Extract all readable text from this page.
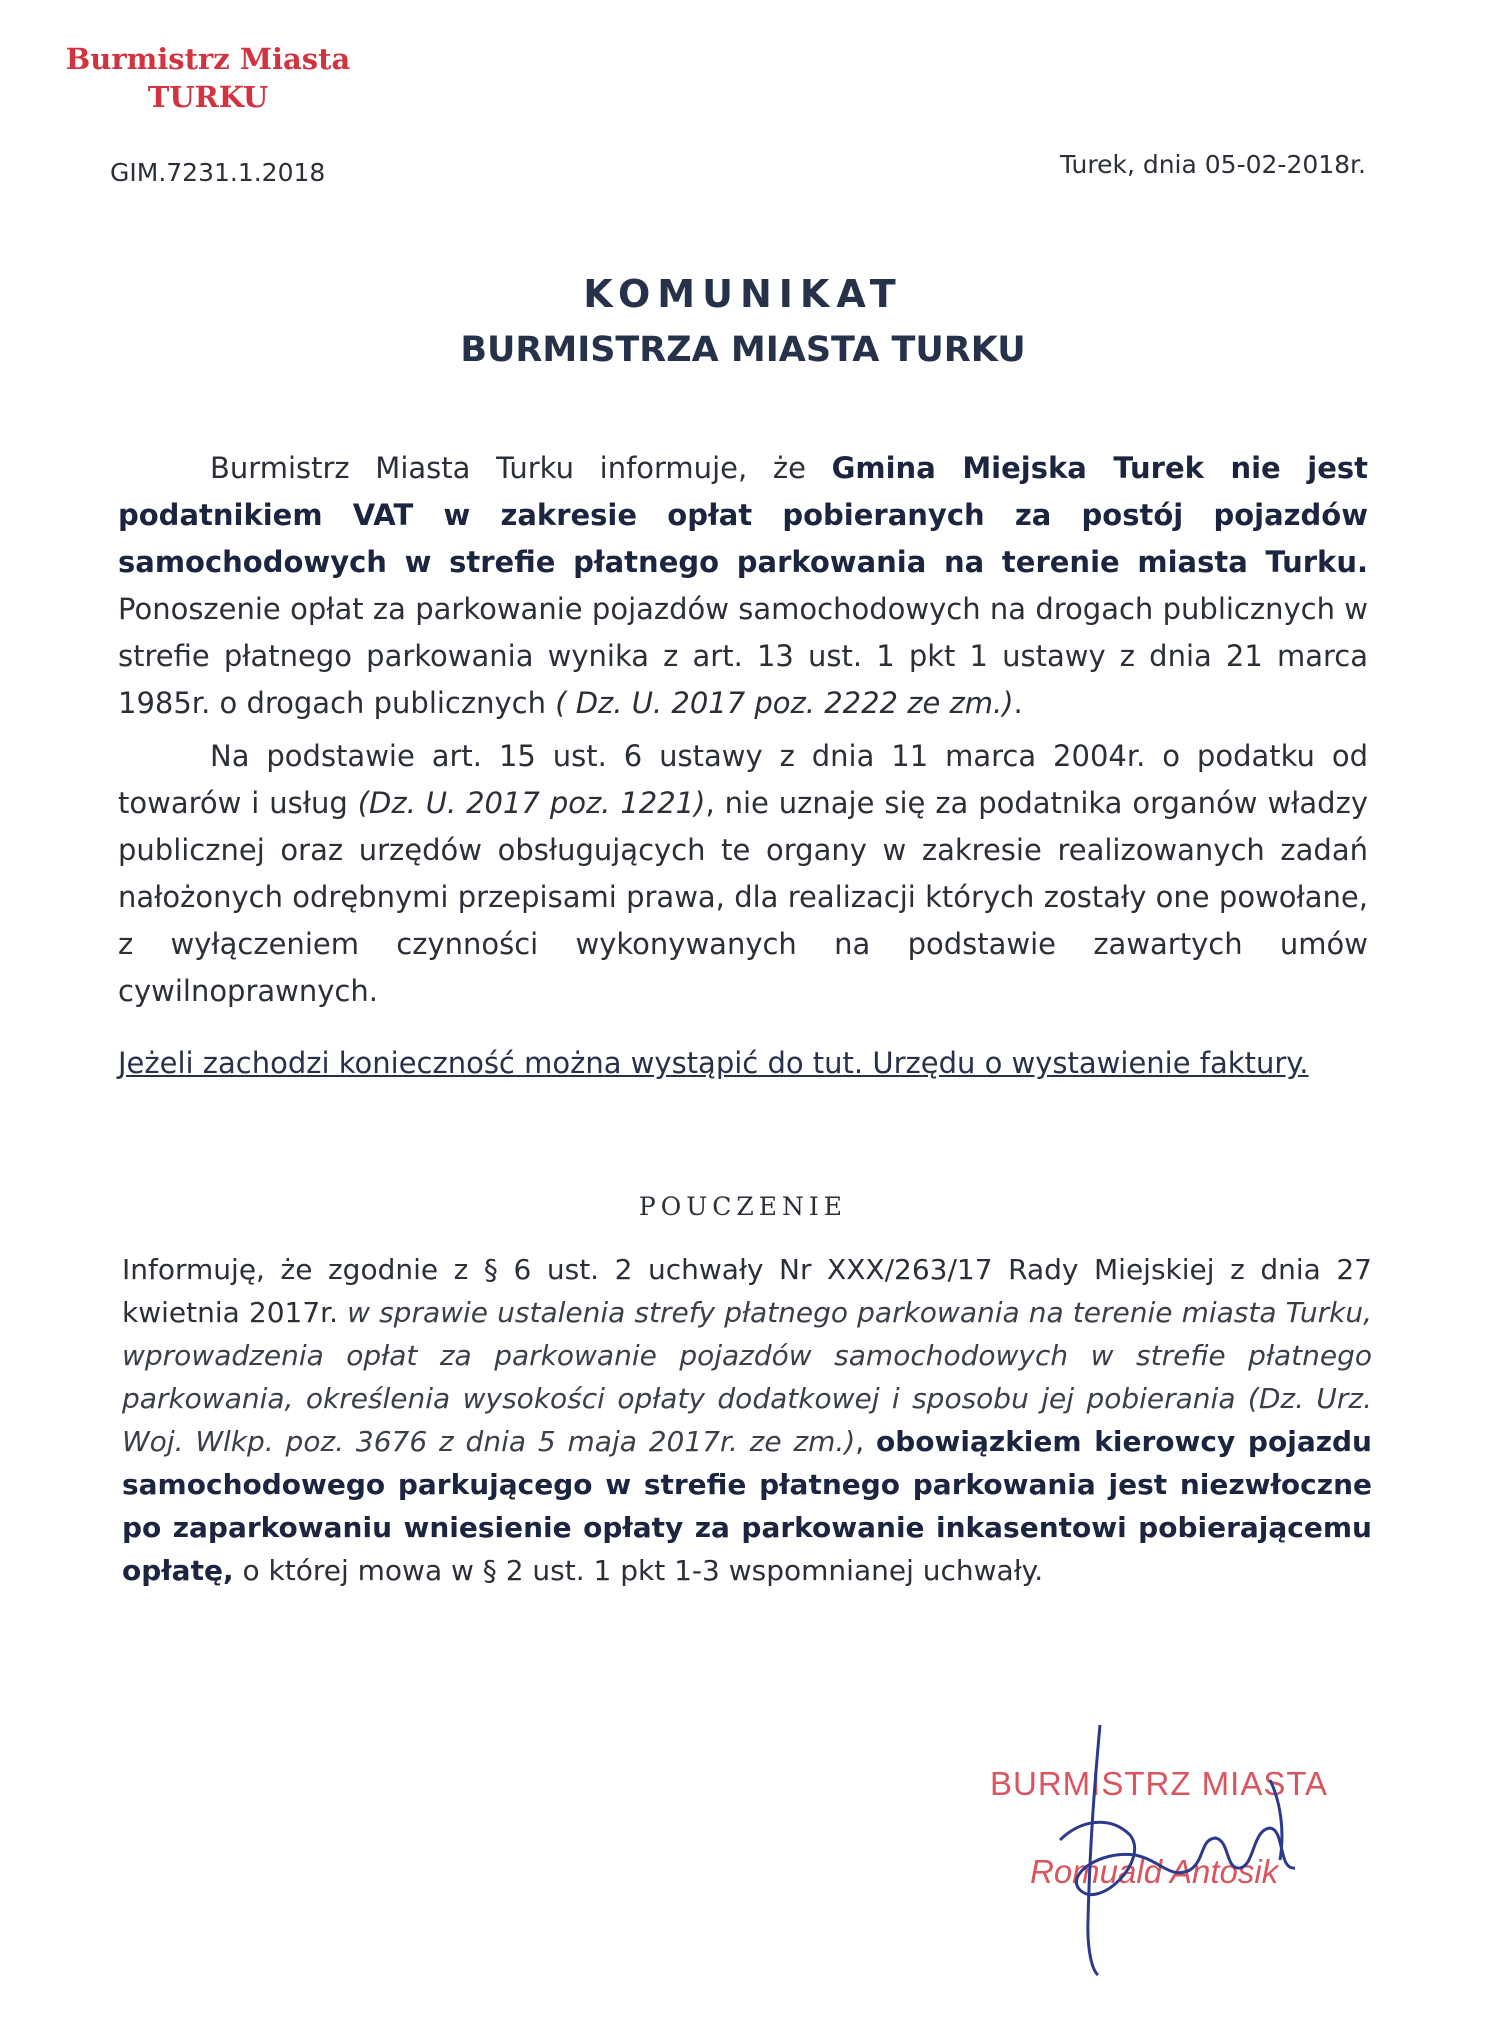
Burmistrz Miasta
TURKU
GIM.7231.1.2018	Turek, dnia 05-02-2018r.
KOMUNIKAT
BURMISTRZA MIASTA TURKU

Burmistrz Miasta Turku informuje, że Gmina Miejska Turek nie jest podatnikiem VAT w zakresie opłat pobieranych za postój pojazdów samochodowych w strefie płatnego parkowania na terenie miasta Turku. Ponoszenie opłat za parkowanie pojazdów samochodowych na drogach publicznych w strefie płatnego parkowania wynika z art. 13 ust. 1 pkt 1 ustawy z dnia 21 marca 1985r. o drogach publicznych ( Dz. U. 2017 poz. 2222 ze zm.).

Na podstawie art. 15 ust. 6 ustawy z dnia 11 marca 2004r. o podatku od towarów i usług (Dz. U. 2017 poz. 1221), nie uznaje się za podatnika organów władzy publicznej oraz urzędów obsługujących te organy w zakresie realizowanych zadań nałożonych odrębnymi przepisami prawa, dla realizacji których zostały one powołane, z wyłączeniem czynności wykonywanych na podstawie zawartych umów cywilnoprawnych.

Jeżeli zachodzi konieczność można wystąpić do tut. Urzędu o wystawienie faktury.
POUCZENIE
Informuję, że zgodnie z § 6 ust. 2 uchwały Nr XXX/263/17 Rady Miejskiej z dnia 27 kwietnia 2017r. w sprawie ustalenia strefy płatnego parkowania na terenie miasta Turku, wprowadzenia opłat za parkowanie pojazdów samochodowych w strefie płatnego parkowania, określenia wysokości opłaty dodatkowej i sposobu jej pobierania (Dz. Urz. Woj. Wlkp. poz. 3676 z dnia 5 maja 2017r. ze zm.), obowiązkiem kierowcy pojazdu samochodowego parkującego w strefie płatnego parkowania jest niezwłoczne po zaparkowaniu wniesienie opłaty za parkowanie inkasentowi pobierającemu opłatę, o której mowa w § 2 ust. 1 pkt 1-3 wspomnianej uchwały.
BURMISTRZ MIASTA
Romuald Antosik
